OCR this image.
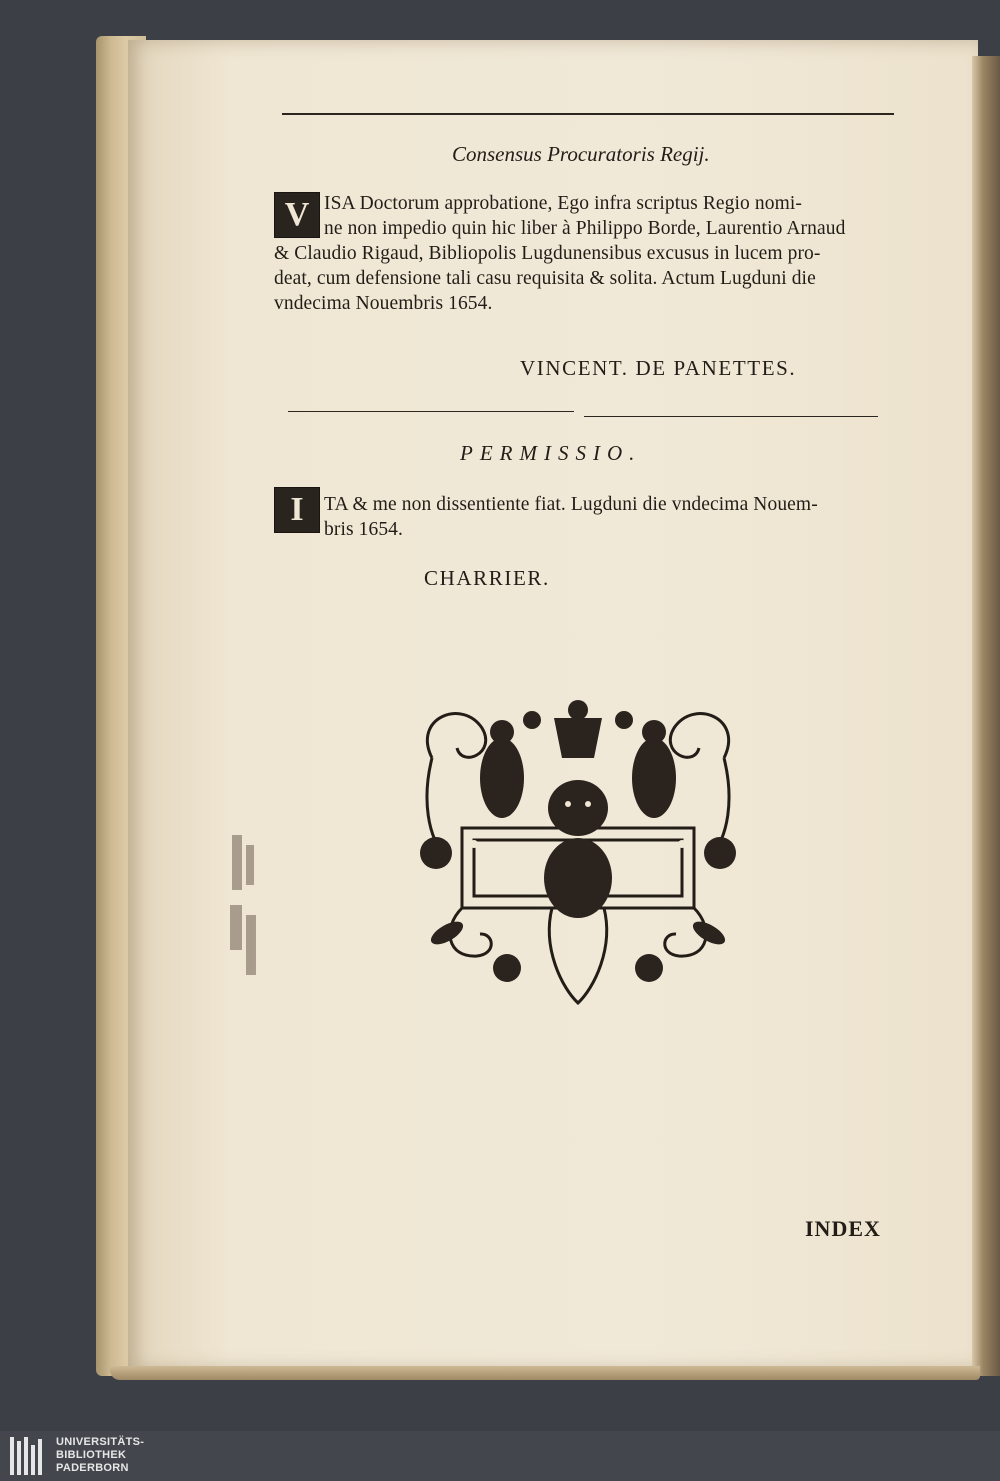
Consensus Procuratoris Regij.

V ISA Doctorum approbatione, Ego infra scriptus Regio nomi-

ne non impedio quin hic liber à Philippo Borde, Laurentio Arnaud

& Claudio Rigaud, Bibliopolis Lugdunensibus excusus in lucem pro-

deat, cum defensione tali casu requisita & solita. Actum Lugduni die

vndecima Nouembris 1654.

VINCENT. DE PANETTES.

PERMISSIO.

I	TA & me non dissentiente fiat. Lugduni die vndecima Nouem-

bris 1654.

CHARRIER.

INDEX

UNIVERSITÄTS-
BIBLIOTHEK
PADERBORN
